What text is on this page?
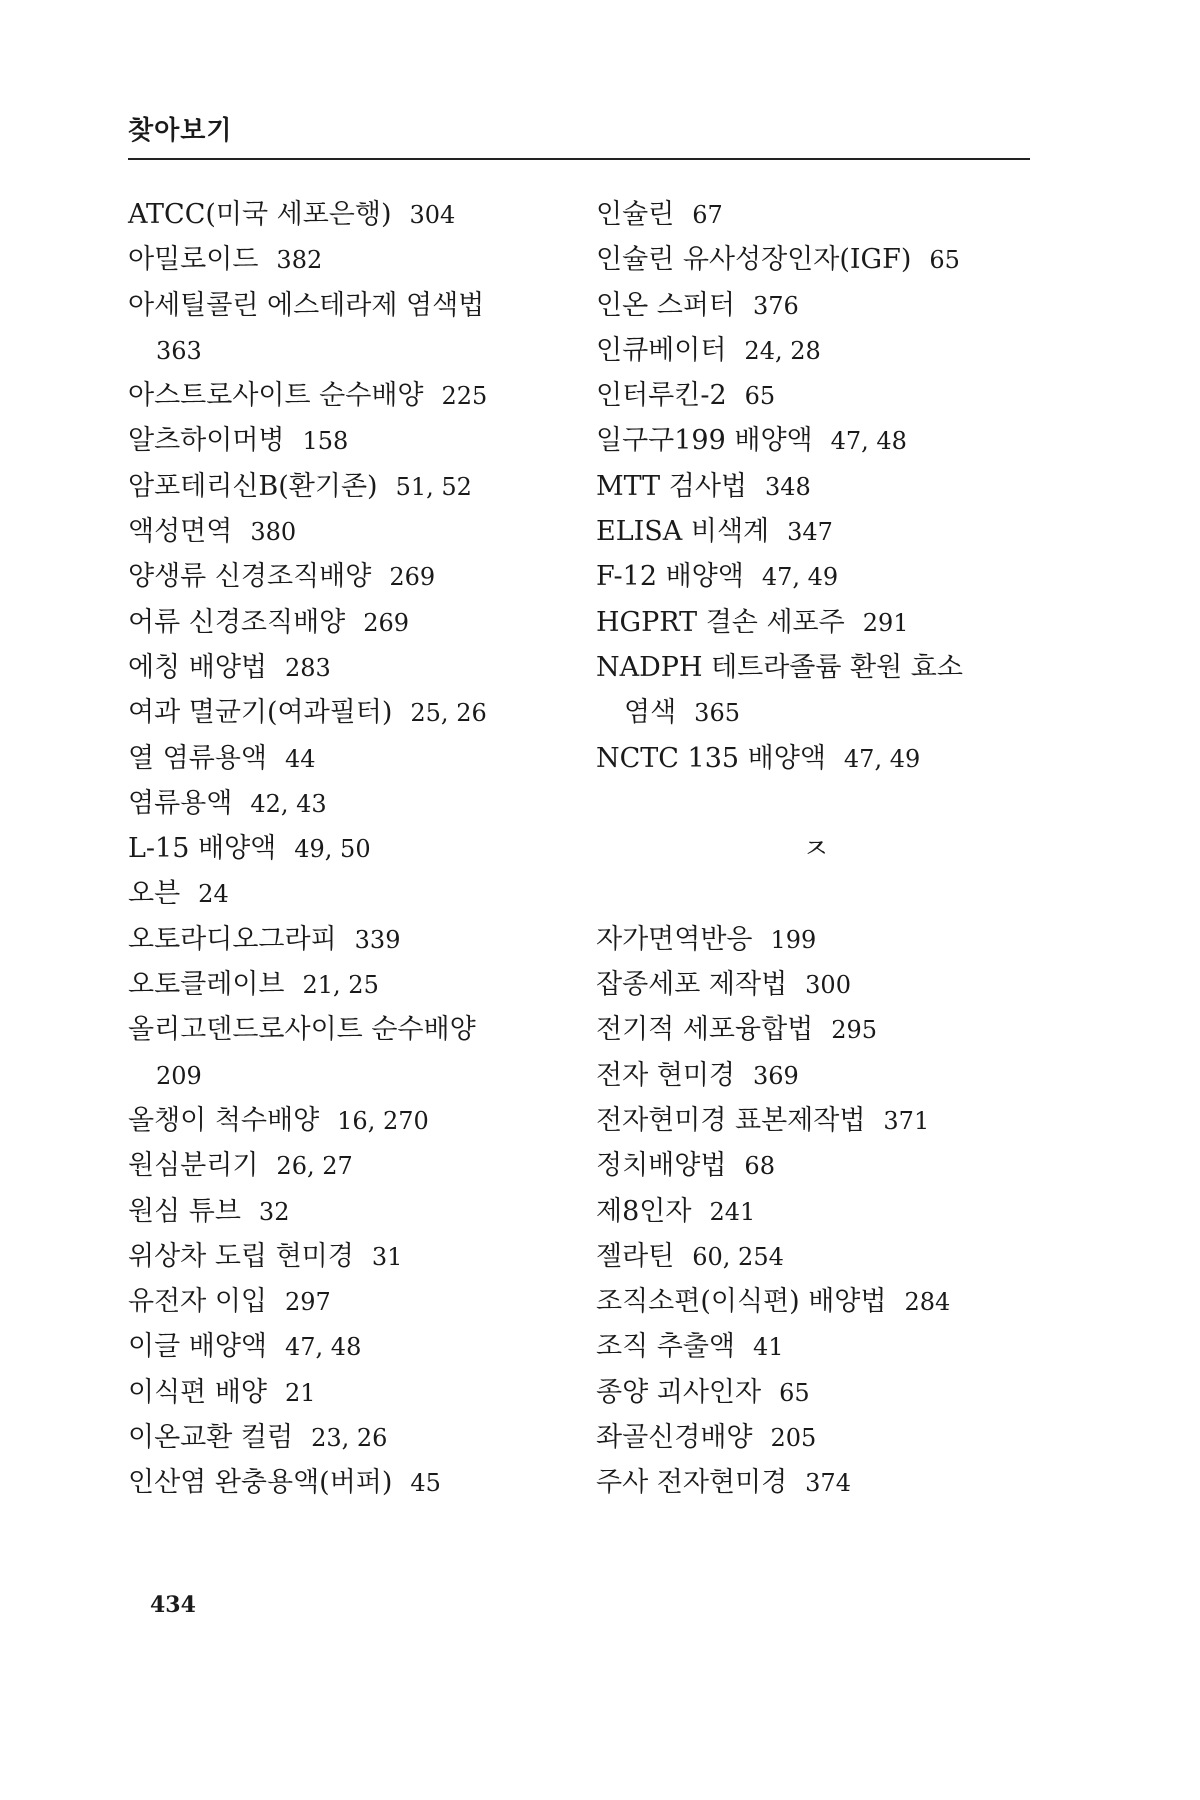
찾아보기
ATCC(미국 세포은행) 304
아밀로이드 382
아세틸콜린 에스테라제 염색법
363
아스트로사이트 순수배양 225
알츠하이머병 158
암포테리신B(환기존) 51, 52
액성면역 380
양생류 신경조직배양 269
어류 신경조직배양 269
에칭 배양법 283
여과 멸균기(여과필터) 25, 26
열 염류용액 44
염류용액 42, 43
L-15 배양액 49, 50
오븐 24
오토라디오그라피 339
오토클레이브 21, 25
올리고덴드로사이트 순수배양
209
올챙이 척수배양 16, 270
원심분리기 26, 27
원심 튜브 32
위상차 도립 현미경 31
유전자 이입 297
이글 배양액 47, 48
이식편 배양 21
이온교환 컬럼 23, 26
인산염 완충용액(버퍼) 45
인슐린 67
인슐린 유사성장인자(IGF) 65
인온 스퍼터 376
인큐베이터 24, 28
인터루킨-2 65
일구구199 배양액 47, 48
MTT 검사법 348
ELISA 비색계 347
F-12 배양액 47, 49
HGPRT 결손 세포주 291
NADPH 테트라졸륨 환원 효소
염색 365
NCTC 135 배양액 47, 49
ㅈ
자가면역반응 199
잡종세포 제작법 300
전기적 세포융합법 295
전자 현미경 369
전자현미경 표본제작법 371
정치배양법 68
제8인자 241
젤라틴 60, 254
조직소편(이식편) 배양법 284
조직 추출액 41
종양 괴사인자 65
좌골신경배양 205
주사 전자현미경 374
434
